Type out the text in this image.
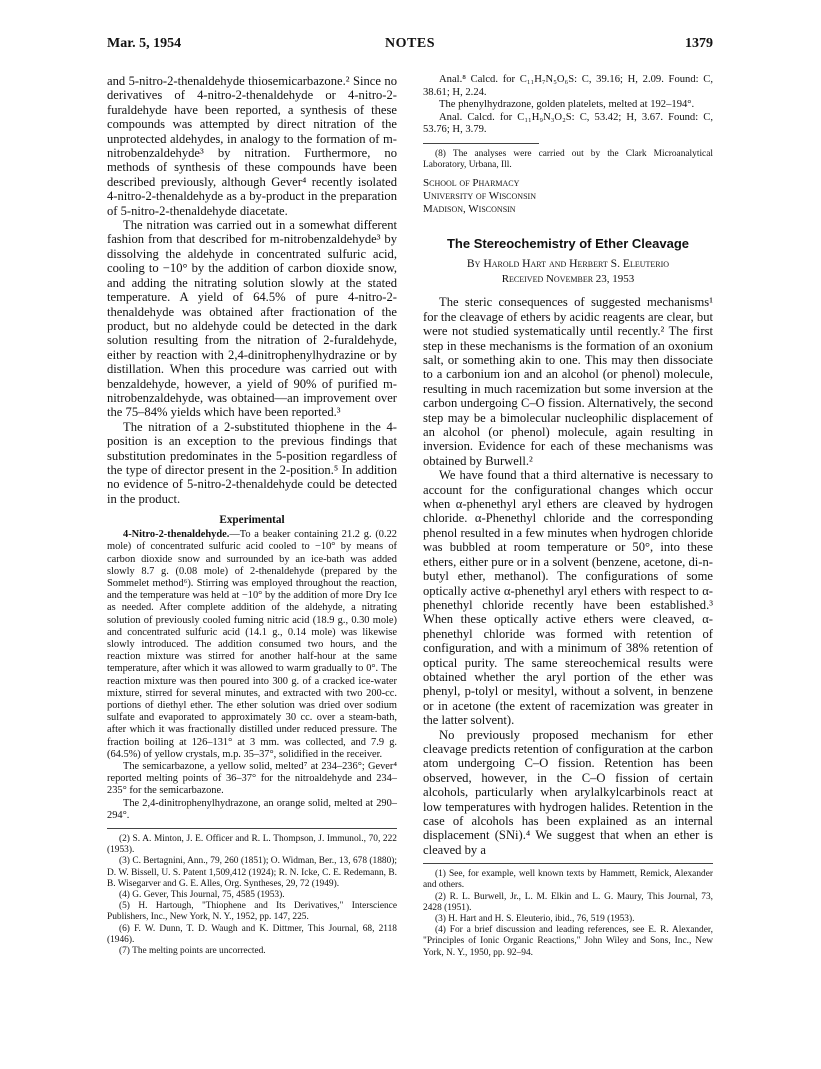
Mar. 5, 1954	NOTES	1379

and 5-nitro-2-thenaldehyde thiosemicarbazone.² Since no derivatives of 4-nitro-2-thenaldehyde or 4-nitro-2-furaldehyde have been reported, a synthesis of these compounds was attempted by direct nitration of the unprotected aldehydes, in analogy to the formation of m-nitrobenzaldehyde³ by nitration. Furthermore, no methods of synthesis of these compounds have been described previously, although Gever⁴ recently isolated 4-nitro-2-thenaldehyde as a by-product in the preparation of 5-nitro-2-thenaldehyde diacetate.

The nitration was carried out in a somewhat different fashion from that described for m-nitrobenzaldehyde³ by dissolving the aldehyde in concentrated sulfuric acid, cooling to −10° by the addition of carbon dioxide snow, and adding the nitrating solution slowly at the stated temperature. A yield of 64.5% of pure 4-nitro-2-thenaldehyde was obtained after fractionation of the product, but no aldehyde could be detected in the dark solution resulting from the nitration of 2-furaldehyde, either by reaction with 2,4-dinitrophenylhydrazine or by distillation. When this procedure was carried out with benzaldehyde, however, a yield of 90% of purified m-nitrobenzaldehyde, was obtained—an improvement over the 75–84% yields which have been reported.³

The nitration of a 2-substituted thiophene in the 4-position is an exception to the previous findings that substitution predominates in the 5-position regardless of the type of director present in the 2-position.⁵ In addition no evidence of 5-nitro-2-thenaldehyde could be detected in the product.

Experimental

4-Nitro-2-thenaldehyde.—To a beaker containing 21.2 g. (0.22 mole) of concentrated sulfuric acid cooled to −10° by means of carbon dioxide snow and surrounded by an ice-bath was added slowly 8.7 g. (0.08 mole) of 2-thenaldehyde (prepared by the Sommelet method⁶). Stirring was employed throughout the reaction, and the temperature was held at −10° by the addition of more Dry Ice as needed. After complete addition of the aldehyde, a nitrating solution of previously cooled fuming nitric acid (18.9 g., 0.30 mole) and concentrated sulfuric acid (14.1 g., 0.14 mole) was likewise slowly introduced. The addition consumed two hours, and the reaction mixture was stirred for another half-hour at the same temperature, after which it was allowed to warm gradually to 0°. The reaction mixture was then poured into 300 g. of a cracked ice-water mixture, stirred for several minutes, and extracted with two 200-cc. portions of diethyl ether. The ether solution was dried over sodium sulfate and evaporated to approximately 30 cc. over a steam-bath, after which it was fractionally distilled under reduced pressure. The fraction boiling at 126–131° at 3 mm. was collected, and 7.9 g. (64.5%) of yellow crystals, m.p. 35–37°, solidified in the receiver.

The semicarbazone, a yellow solid, melted⁷ at 234–236°; Gever⁴ reported melting points of 36–37° for the nitroaldehyde and 234–235° for the semicarbazone.

The 2,4-dinitrophenylhydrazone, an orange solid, melted at 290–294°.

(2) S. A. Minton, J. E. Officer and R. L. Thompson, J. Immunol., 70, 222 (1953).

(3) C. Bertagnini, Ann., 79, 260 (1851); O. Widman, Ber., 13, 678 (1880); D. W. Bissell, U. S. Patent 1,509,412 (1924); R. N. Icke, C. E. Redemann, B. B. Wisegarver and G. E. Alles, Org. Syntheses, 29, 72 (1949).

(4) G. Gever, This Journal, 75, 4585 (1953).

(5) H. Hartough, "Thiophene and Its Derivatives," Interscience Publishers, Inc., New York, N. Y., 1952, pp. 147, 225.

(6) F. W. Dunn, T. D. Waugh and K. Dittmer, This Journal, 68, 2118 (1946).

(7) The melting points are uncorrected.

Anal.⁸ Calcd. for C₁₁H₇N₅O₆S: C, 39.16; H, 2.09. Found: C, 38.61; H, 2.24.

The phenylhydrazone, golden platelets, melted at 192–194°.

Anal. Calcd. for C₁₁H₉N₃O₂S: C, 53.42; H, 3.67. Found: C, 53.76; H, 3.79.

(8) The analyses were carried out by the Clark Microanalytical Laboratory, Urbana, Ill.

School of Pharmacy
University of Wisconsin
Madison, Wisconsin
The Stereochemistry of Ether Cleavage
By Harold Hart and Herbert S. Eleuterio
Received November 23, 1953

The steric consequences of suggested mechanisms¹ for the cleavage of ethers by acidic reagents are clear, but were not studied systematically until recently.² The first step in these mechanisms is the formation of an oxonium salt, or something akin to one. This may then dissociate to a carbonium ion and an alcohol (or phenol) molecule, resulting in much racemization but some inversion at the carbon undergoing C–O fission. Alternatively, the second step may be a bimolecular nucleophilic displacement of an alcohol (or phenol) molecule, again resulting in inversion. Evidence for each of these mechanisms was obtained by Burwell.²

We have found that a third alternative is necessary to account for the configurational changes which occur when α-phenethyl aryl ethers are cleaved by hydrogen chloride. α-Phenethyl chloride and the corresponding phenol resulted in a few minutes when hydrogen chloride was bubbled at room temperature or 50°, into these ethers, either pure or in a solvent (benzene, acetone, di-n-butyl ether, methanol). The configurations of some optically active α-phenethyl aryl ethers with respect to α-phenethyl chloride recently have been established.³ When these optically active ethers were cleaved, α-phenethyl chloride was formed with retention of configuration, and with a minimum of 38% retention of optical purity. The same stereochemical results were obtained whether the aryl portion of the ether was phenyl, p-tolyl or mesityl, without a solvent, in benzene or in acetone (the extent of racemization was greater in the latter solvent).

No previously proposed mechanism for ether cleavage predicts retention of configuration at the carbon atom undergoing C–O fission. Retention has been observed, however, in the C–O fission of certain alcohols, particularly when arylalkylcarbinols react at low temperatures with hydrogen halides. Retention in the case of alcohols has been explained as an internal displacement (SNi).⁴ We suggest that when an ether is cleaved by a

(1) See, for example, well known texts by Hammett, Remick, Alexander and others.

(2) R. L. Burwell, Jr., L. M. Elkin and L. G. Maury, This Journal, 73, 2428 (1951).

(3) H. Hart and H. S. Eleuterio, ibid., 76, 519 (1953).

(4) For a brief discussion and leading references, see E. R. Alexander, "Principles of Ionic Organic Reactions," John Wiley and Sons, Inc., New York, N. Y., 1950, pp. 92–94.
